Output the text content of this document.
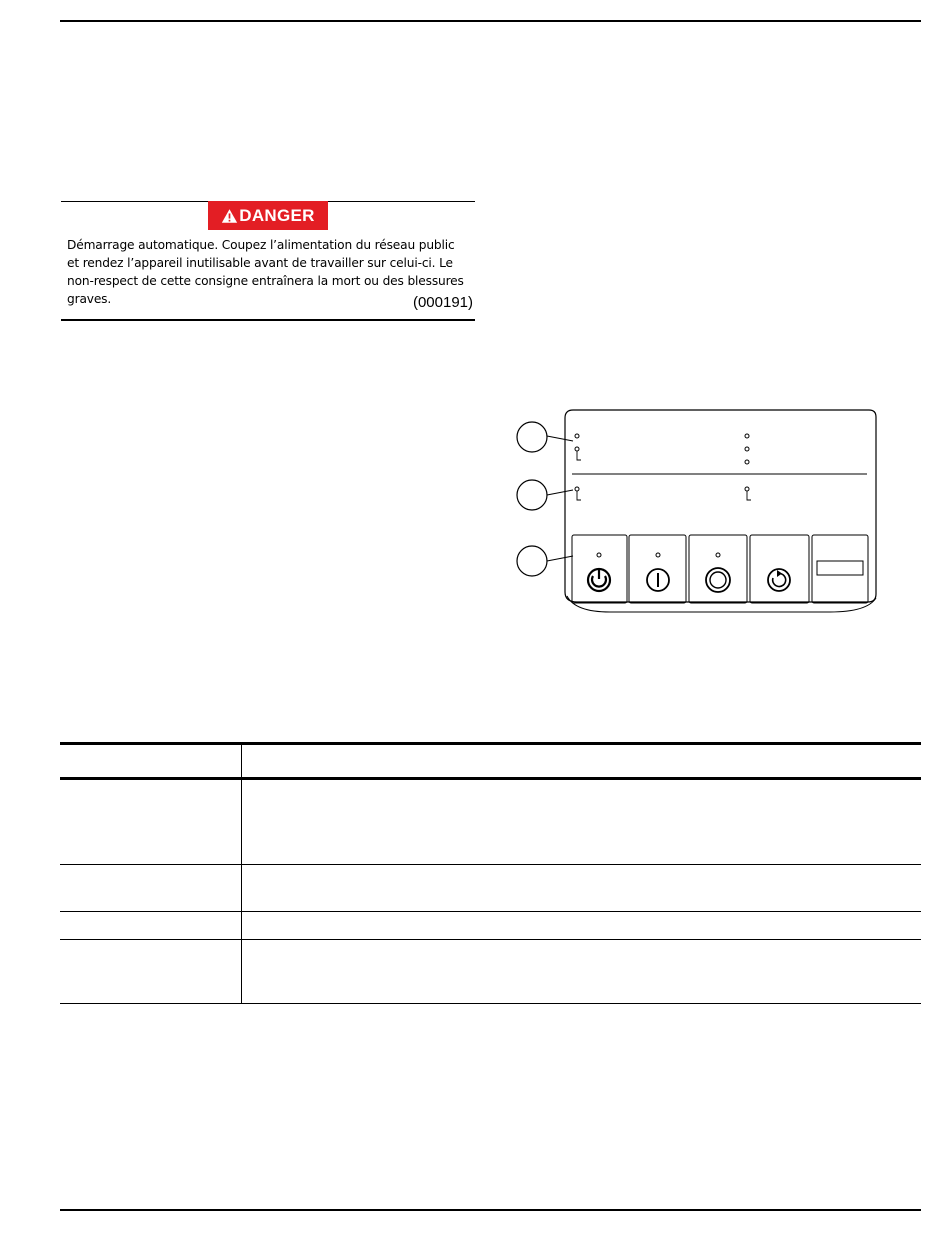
DANGER
Démarrage automatique. Coupez l’alimentation du réseau public et rendez l’appareil inutilisable avant de travailler sur celui-ci. Le non-respect de cette consigne entraînera la mort ou des blessures graves.	(000191)
